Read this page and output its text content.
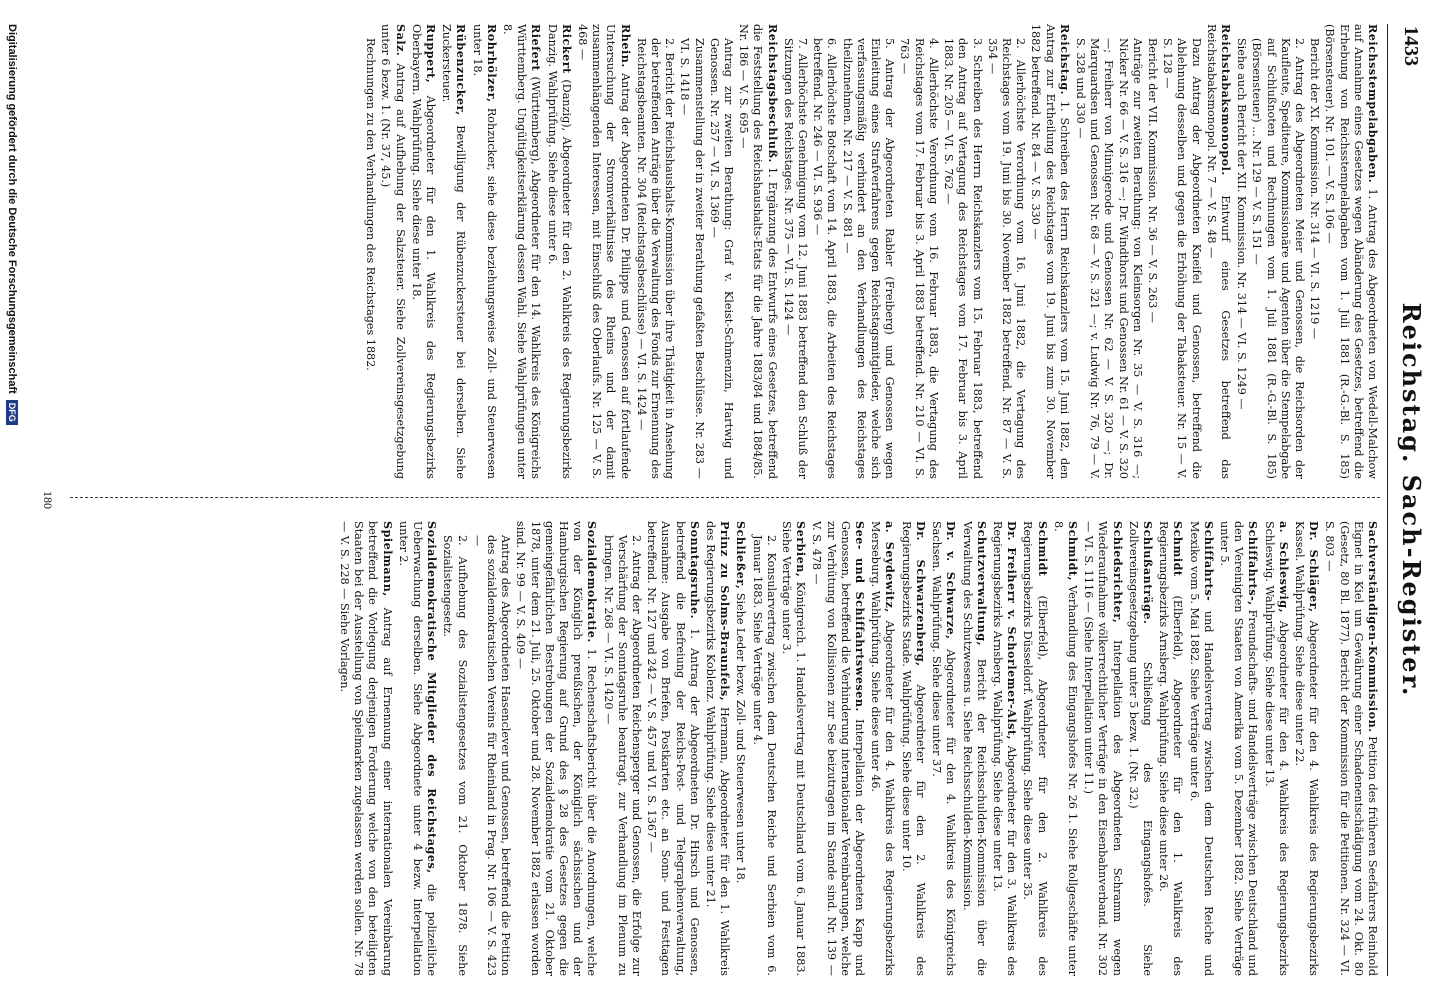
1433
Reichstag. Sach-Register.

Reichsstempelabgaben. 1. Antrag des Abgeordneten von Wedell-Malchow auf Annahme eines Gesetzes wegen Abänderung des Gesetzes, betreffend die Erhebung von Reichsstempelabgaben vom 1. Juli 1881 (R.-G.-Bl. S. 185) (Börsensteuer). Nr. 101. — V. S. 106 —

Bericht der XI. Kommission. Nr. 314 — VI. S. 1219 —

2. Antrag des Abgeordneten Meier und Genossen, die Reichsorden der Kaufleute, Spediteure, Kommissionäre und Agenten über die Stempelabgabe auf Schlußnoten und Rechnungen vom 1. Juli 1881 (R.-G.-Bl. S. 185) (Börsensteuer) ... Nr. 129 — V. S. 151 —

Siehe auch Bericht der XII. Kommission. Nr. 314 — VI. S. 1249 —

Reichstabaksmonopol. Entwurf eines Gesetzes betreffend das Reichstabaksmonopol. Nr. 7 — V. S. 48 —

Dazu Antrag der Abgeordneten Kneifel und Genossen, betreffend die Ablehnung desselben und gegen die Erhöhung der Tabaksteuer. Nr. 15 — V. S. 128 —

Bericht der VII. Kommission. Nr. 36 — V. S. 263 —

Anträge zur zweiten Berathung: von Kleinsorgen Nr. 35 — V. S. 316 —; Nicker Nr. 66 — V. S. 316 —; Dr. Windthorst und Genossen Nr. 61 — V. S. 320 —; Freiherr von Minnigerode und Genossen Nr. 62 — V. S. 320 —; Dr. Marquardsen und Genossen Nr. 68 — V. S. 321 —; v. Ludwig Nr. 76, 79 — V. S. 328 und 330 —

Reichstag. 1. Schreiben des Herrn Reichskanzlers vom 15. Juni 1882, den Antrag zur Ertheilung des Reichstages vom 19. Juni bis zum 30. November 1882 betreffend. Nr. 84 — V. S. 330 —

2. Allerhöchste Verordnung vom 16. Juni 1882, die Vertagung des Reichstages vom 19. Juni bis 30. November 1882 betreffend. Nr. 87 — V. S. 354 —

3. Schreiben des Herrn Reichskanzlers vom 15. Februar 1883, betreffend den Antrag auf Vertagung des Reichstages vom 17. Februar bis 3. April 1883. Nr. 205 — VI. S. 762 —

4. Allerhöchste Verordnung vom 16. Februar 1883, die Vertagung des Reichstages vom 17. Februar bis 3. April 1883 betreffend. Nr. 210 — VI. S. 763 —

5. Antrag der Abgeordneten Rabler (Freiberg) und Genossen wegen Einleitung eines Strafverfahrens gegen Reichstagsmitglieder, welche sich verfassungsmäßig verhindert an den Verhandlungen des Reichstages theilzunehmen. Nr. 217 — V. S. 881 —

6. Allerhöchste Botschaft vom 14. April 1883, die Arbeiten des Reichstages betreffend. Nr. 246 — VI. S. 936 —

7. Allerhöchste Genehmigung vom 12. Juni 1883 betreffend den Schluß der Sitzungen des Reichstages. Nr. 375 — VI. S. 1424 —

Reichstagsbeschluß. 1. Ergänzung des Entwurfs eines Gesetzes, betreffend die Feststellung des Reichshaushalts-Etats für die Jahre 1883/84 und 1884/85. Nr. 186 — V. S. 695 —

Antrag zur zweiten Berathung: Graf v. Kleist-Schmenzin, Hartwig und Genossen. Nr. 257 — VI. S. 1369 —

Zusammenstellung der in zweiter Berathung gefaßten Beschlüsse. Nr. 283 — VI. S. 1418 —

2. Bericht der Reichshaushalts-Kommission über ihre Thätigkeit in Ansehung der betreffenden Anträge über die Verwaltung des Fonds zur Ernennung des Reichstagsbeamten. Nr. 304 (Reichstagsbeschlüsse) — VI. S. 1424 —

Rhein. Antrag der Abgeordneten Dr. Philipps und Genossen auf fortlaufende Untersuchung der Stromverhältnisse des Rheins und der damit zusammenhängenden Interessen, mit Einschluß des Oberlaufs. Nr. 125 — V. S. 468 —

Rickert (Danzig), Abgeordneter für den 2. Wahlkreis des Regierungsbezirks Danzig. Wahlprüfung. Siehe diese unter 6.

Riefert (Württemberg), Abgeordneter für den 14. Wahlkreis des Königreichs Württemberg. Ungültigkeitserklärung dessen Wahl. Siehe Wahlprüfungen unter 8.

Rohrhölzer, Rohzucker, siehe diese beziehungsweise Zoll- und Steuerwesen unter 18.

Rübenzucker, Bewilligung der Rübenzuckersteuer bei derselben. Siehe Zuckersteuer.

Ruppert, Abgeordneter für den 1. Wahlkreis des Regierungsbezirks Oberbayern. Wahlprüfung. Siehe diese unter 18.

Salz. Antrag auf Aufhebung der Salzsteuer. Siehe Zollvereinsgesetzgebung unter 6 bezw. 1. (Nr. 37, 45.)

Rechnungen zu den Verhandlungen des Reichstages 1882.

Sachverständigen-Kommission. Petition des früheren Seefahrers Reinhold Eignet in Kiel um Gewährung einer Schadenentschädigung vom 24. Okt. 80 (Gesetz, 80 Bl. 1877). Bericht der Kommission für die Petitionen. Nr. 324 — VI. S. 803 —

Dr. Schläger, Abgeordneter für den 4. Wahlkreis des Regierungsbezirks Kassel. Wahlprüfung. Siehe diese unter 22.

a. Schleswig, Abgeordneter für den 4. Wahlkreis des Regierungsbezirks Schleswig. Wahlprüfung. Siehe diese unter 13.

Schiffahrts-, Freundschafts- und Handelsverträge zwischen Deutschland und den Vereinigten Staaten von Amerika vom 5. Dezember 1882. Siehe Verträge unter 5.

Schiffahrts- und Handelsvertrag zwischen dem Deutschen Reiche und Mexiko vom 5. Mai 1882. Siehe Verträge unter 6.

Schmidt (Elberfeld), Abgeordneter für den 1. Wahlkreis des Regierungsbezirks Arnsberg. Wahlprüfung. Siehe diese unter 26.

Schlußanträge. Schließung des Eingangshofes. Siehe Zollvereinsgesetzgebung unter 5 bezw. 1. (Nr. 32.)

Schiedsrichter, Interpellation des Abgeordneten Schramm wegen Wiederaufnahme völkerrechtlicher Verträge in den Eisenbahnverband. Nr. 302 — VI. S. 1116 — (Siehe Interpellation unter 11.)

Schmidt, Verhandlung des Eingangshofes Nr. 26 1. Siehe Rollgeschäfte unter 8.

Schmidt (Elberfeld), Abgeordneter für den 2. Wahlkreis des Regierungsbezirks Düsseldorf. Wahlprüfung. Siehe diese unter 35.

Dr. Freiherr v. Schorlemer-Alst, Abgeordneter für den 3. Wahlkreis des Regierungsbezirks Arnsberg. Wahlprüfung. Siehe diese unter 13.

Schutzverwaltung, Bericht der Reichsschulden-Kommission über die Verwaltung des Schutzwesens u. Siehe Reichsschulden-Kommission.

Dr. v. Schwarze, Abgeordneter für den 4. Wahlkreis des Königreichs Sachsen. Wahlprüfung. Siehe diese unter 37.

Dr. Schwarzenberg, Abgeordneter für den 2. Wahlkreis des Regierungsbezirks Stade. Wahlprüfung. Siehe diese unter 10.

a. Seydewitz, Abgeordneter für den 4. Wahlkreis des Regierungsbezirks Merseburg. Wahlprüfung. Siehe diese unter 46.

See- und Schiffahrtswesen. Interpellation der Abgeordneten Kapp und Genossen, betreffend die Verhinderung internationaler Vereinbarungen, welche zur Verhütung von Kollisionen zur See beizutragen im Stande sind. Nr. 139 — V. S. 478 —

Serbien, Königreich. 1. Handelsvertrag mit Deutschland vom 6. Januar 1883. Siehe Verträge unter 3.

2. Konsularvertrag zwischen dem Deutschen Reiche und Serbien vom 6. Januar 1883. Siehe Verträge unter 4.

Schließer, Siehe Leder bezw. Zoll- und Steuerwesen unter 18.

Prinz zu Solms-Braunfels, Hermann, Abgeordneter für den 1. Wahlkreis des Regierungsbezirks Koblenz. Wahlprüfung. Siehe diese unter 21.

Sonntagsruhe. 1. Antrag der Abgeordneten Dr. Hirsch und Genossen, betreffend die Befreiung der Reichs-Post- und Telegraphenverwaltung, Ausnahme: Ausgabe von Briefen, Postkarten etc. an Sonn- und Festtagen betreffend. Nr. 127 und 242 — V. S. 457 und VI. S. 1367 —

2. Antrag der Abgeordneten Reichensperger und Genossen, die Erfolge zur Verschärfung der Sonntagsruhe beantragt, zur Verhandlung im Plenum zu bringen. Nr. 268 — VI. S. 1420 —

Sozialdemokratie. 1. Rechenschaftsbericht über die Anordnungen, welche von der Königlich preußischen, der Königlich sächsischen und der Hamburgischen Regierung auf Grund des § 28 des Gesetzes gegen die gemeingefährlichen Bestrebungen der Sozialdemokratie vom 21. Oktober 1878, unter dem 21. Juli, 25. Oktober und 28. November 1882 erlassen worden sind. Nr. 99 — V. S. 409 —

Antrag des Abgeordneten Hasenclever und Genossen, betreffend die Petition des sozialdemokratischen Vereins für Rheinland in Prag. Nr. 106 — V. S. 423 —

2. Aufhebung des Sozialistengesetzes vom 21. Oktober 1878. Siehe Sozialistengesetz.

Sozialdemokratische Mitglieder des Reichstages, die polizeiliche Ueberwachung derselben. Siehe Abgeordnete unter 4 bezw. Interpellation unter 2.

Spielmann, Antrag auf Ernennung einer internationalen Vereinbarung betreffend die Vorlegung derjenigen Forderung welche von den beteiligten Staaten bei der Ausstellung von Spielmarken zugelassen werden sollen. Nr. 78 — V. S. 228 — Siehe Vorlagen.

180
Digitalisierung gefördert durch die Deutsche ForschungsgemeinschaftDFG
